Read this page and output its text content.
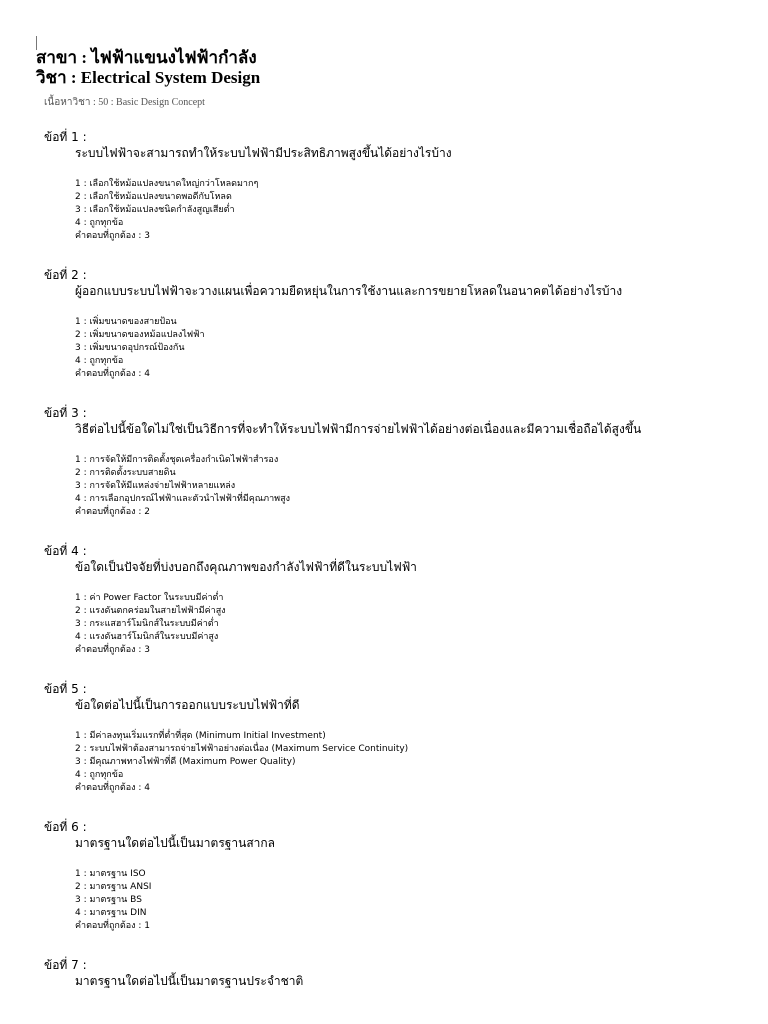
สาขา : ไฟฟ้าแขนงไฟฟ้ากำลัง
วิชา : Electrical System Design
เนื้อหาวิชา : 50 : Basic Design Concept
ข้อที่ 1 :
ระบบไฟฟ้าจะสามารถทำให้ระบบไฟฟ้ามีประสิทธิภาพสูงขึ้นได้อย่างไรบ้าง
1 : เลือกใช้หม้อแปลงขนาดใหญ่กว่าโหลดมากๆ
2 : เลือกใช้หม้อแปลงขนาดพอดีกับโหลด
3 : เลือกใช้หม้อแปลงชนิดกำลังสูญเสียต่ำ
4 : ถูกทุกข้อ
คำตอบที่ถูกต้อง : 3
ข้อที่ 2 :
ผู้ออกแบบระบบไฟฟ้าจะวางแผนเพื่อความยืดหยุ่นในการใช้งานและการขยายโหลดในอนาคตได้อย่างไรบ้าง
1 : เพิ่มขนาดของสายป้อน
2 : เพิ่มขนาดของหม้อแปลงไฟฟ้า
3 : เพิ่มขนาดอุปกรณ์ป้องกัน
4 : ถูกทุกข้อ
คำตอบที่ถูกต้อง : 4
ข้อที่ 3 :
วิธีต่อไปนี้ข้อใดไม่ใช่เป็นวิธีการที่จะทำให้ระบบไฟฟ้ามีการจ่ายไฟฟ้าได้อย่างต่อเนื่องและมีความเชื่อถือได้สูงขึ้น
1 : การจัดให้มีการติดตั้งชุดเครื่องกำเนิดไฟฟ้าสำรอง
2 : การติดตั้งระบบสายดิน
3 : การจัดให้มีแหล่งจ่ายไฟฟ้าหลายแหล่ง
4 : การเลือกอุปกรณ์ไฟฟ้าและตัวนำไฟฟ้าที่มีคุณภาพสูง
คำตอบที่ถูกต้อง : 2
ข้อที่ 4 :
ข้อใดเป็นปัจจัยที่บ่งบอกถึงคุณภาพของกำลังไฟฟ้าที่ดีในระบบไฟฟ้า
1 : ค่า Power Factor ในระบบมีค่าต่ำ
2 : แรงดันตกคร่อมในสายไฟฟ้ามีค่าสูง
3 : กระแสฮาร์โมนิกส์ในระบบมีค่าต่ำ
4 : แรงดันฮาร์โมนิกส์ในระบบมีค่าสูง
คำตอบที่ถูกต้อง : 3
ข้อที่ 5 :
ข้อใดต่อไปนี้เป็นการออกแบบระบบไฟฟ้าที่ดี
1 : มีค่าลงทุนเริ่มแรกที่ต่ำที่สุด (Minimum Initial Investment)
2 : ระบบไฟฟ้าต้องสามารถจ่ายไฟฟ้าอย่างต่อเนื่อง (Maximum Service Continuity)
3 : มีคุณภาพทางไฟฟ้าที่ดี (Maximum Power Quality)
4 : ถูกทุกข้อ
คำตอบที่ถูกต้อง : 4
ข้อที่ 6 :
มาตรฐานใดต่อไปนี้เป็นมาตรฐานสากล
1 : มาตรฐาน ISO
2 : มาตรฐาน ANSI
3 : มาตรฐาน BS
4 : มาตรฐาน DIN
คำตอบที่ถูกต้อง : 1
ข้อที่ 7 :
มาตรฐานใดต่อไปนี้เป็นมาตรฐานประจำชาติ
